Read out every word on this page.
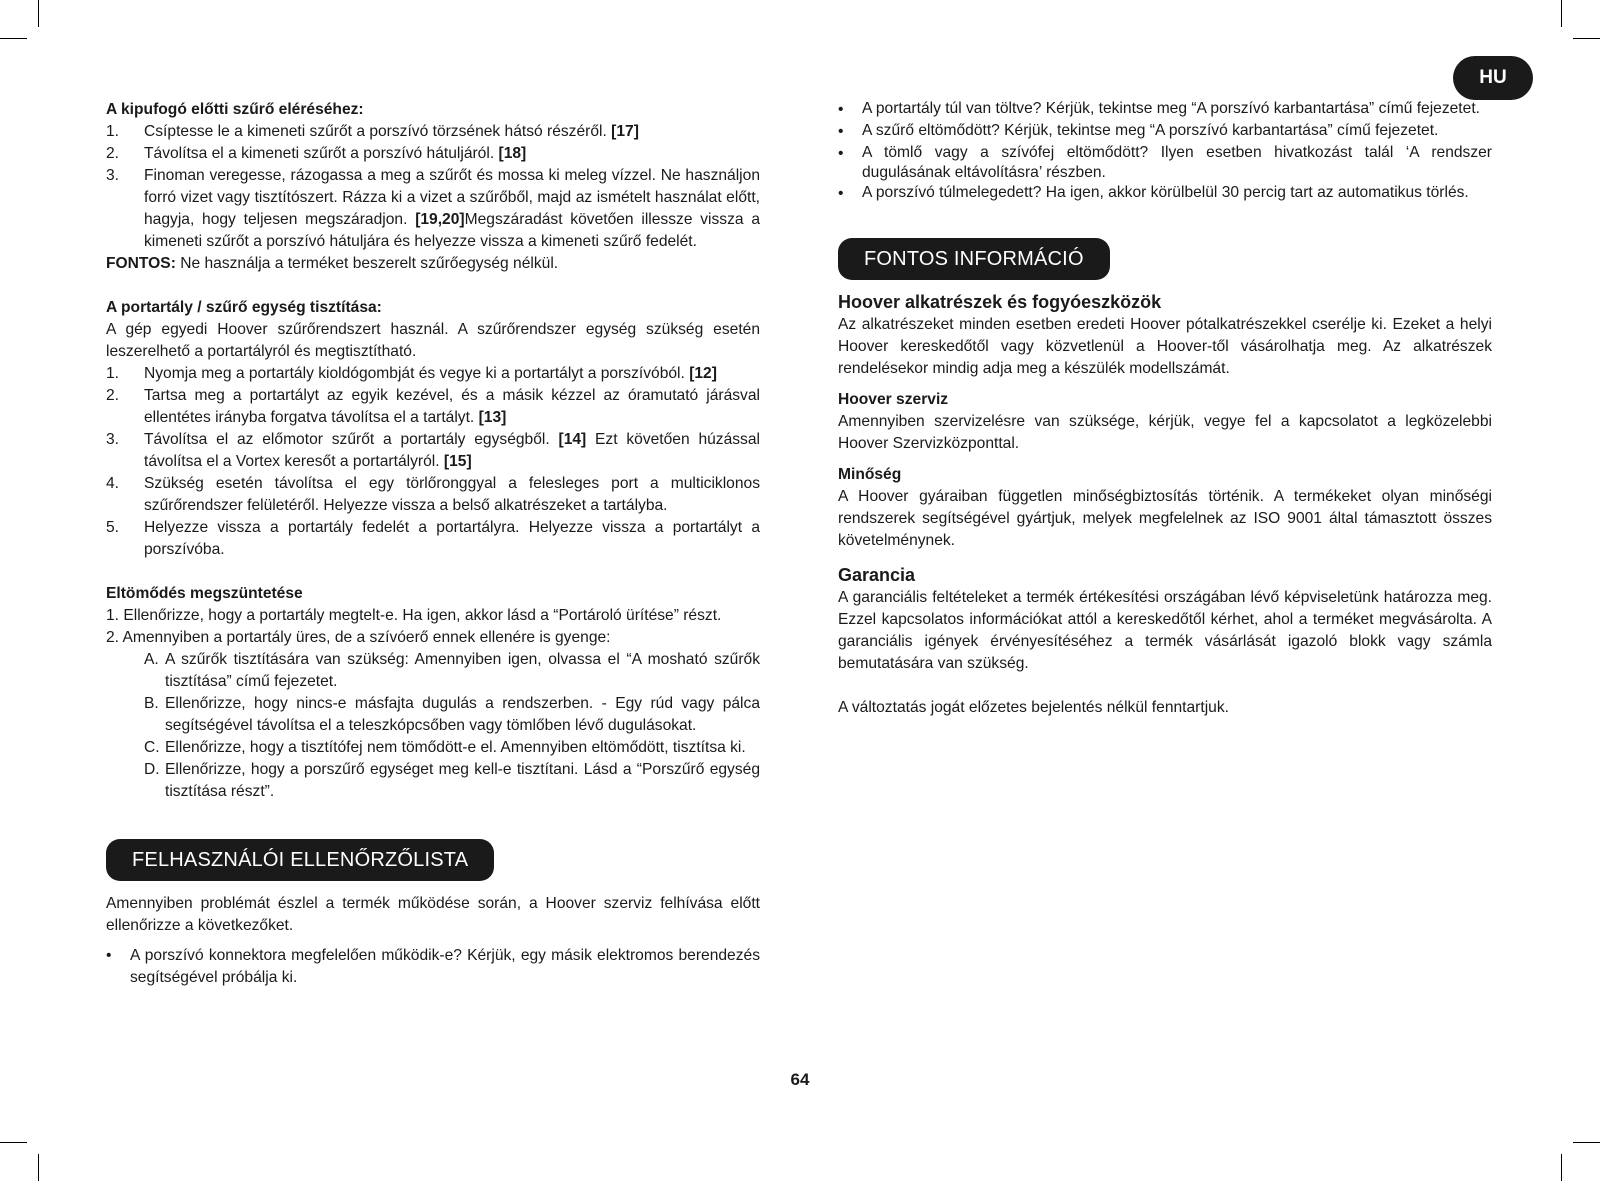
HU

A kipufogó előtti szűrő eléréséhez:

1.	Csíptesse le a kimeneti szűrőt a porszívó törzsének hátsó részéről. [17]
2.	Távolítsa el a kimeneti szűrőt a porszívó hátuljáról. [18]
3.	Finoman veregesse, rázogassa a meg a szűrőt és mossa ki meleg vízzel. Ne használjon forró vizet vagy tisztítószert. Rázza ki a vizet a szűrőből, majd az ismételt használat előtt, hagyja, hogy teljesen megszáradjon. [19,20]Megszáradást követően illessze vissza a kimeneti szűrőt a porszívó hátuljára és helyezze vissza a kimeneti szűrő fedelét.

FONTOS: Ne használja a terméket beszerelt szűrőegység nélkül.

A portartály / szűrő egység tisztítása:

A gép egyedi Hoover szűrőrendszert használ. A szűrőrendszer egység szükség esetén leszerelhető a portartályról és megtisztítható.

1.	Nyomja meg a portartály kioldógombját és vegye ki a portartályt a porszívóból. [12]
2.	Tartsa meg a portartályt az egyik kezével, és a másik kézzel az óramutató járásval ellentétes irányba forgatva távolítsa el a tartályt. [13]
3.	Távolítsa el az előmotor szűrőt a portartály egységből. [14] Ezt követően húzással távolítsa el a Vortex keresőt a portartályról. [15]
4.	Szükség esetén távolítsa el egy törlőronggyal a felesleges port a multiciklonos szűrőrendszer felületéről. Helyezze vissza a belső alkatrészeket a tartályba.
5.	Helyezze vissza a portartály fedelét a portartályra. Helyezze vissza a portartályt a porszívóba.

Eltömődés megszüntetése

1. Ellenőrizze, hogy a portartály megtelt-e. Ha igen, akkor lásd a “Portároló ürítése” részt.

2. Amennyiben a portartály üres, de a szívóerő ennek ellenére is gyenge:

A. A szűrők tisztítására van szükség: Amennyiben igen, olvassa el “A mosható szűrők tisztítása” című fejezetet.
B. Ellenőrizze, hogy nincs-e másfajta dugulás a rendszerben. - Egy rúd vagy pálca segítségével távolítsa el a teleszkópcsőben vagy tömlőben lévő dugulásokat.
C. Ellenőrizze, hogy a tisztítófej nem tömődött-e el. Amennyiben eltömődött, tisztítsa ki.
D. Ellenőrizze, hogy a porszűrő egységet meg kell-e tisztítani. Lásd a “Porszűrő egység tisztítása részt”.
FELHASZNÁLÓI ELLENŐRZŐLISTA

Amennyiben problémát észlel a termék működése során, a Hoover szerviz felhívása előtt ellenőrizze a következőket.

•	A porszívó konnektora megfelelően működik-e? Kérjük, egy másik elektromos berendezés segítségével próbálja ki.
•	A portartály túl van töltve? Kérjük, tekintse meg “A porszívó karbantartása” című fejezetet.
•	A szűrő eltömődött? Kérjük, tekintse meg “A porszívó karbantartása” című fejezetet.
•	A tömlő vagy a szívófej eltömődött? Ilyen esetben hivatkozást talál ‘A rendszer dugulásának eltávolításra’ részben.
•	A porszívó túlmelegedett? Ha igen, akkor körülbelül 30 percig tart az automatikus törlés.
FONTOS INFORMÁCIÓ

Hoover alkatrészek és fogyóeszközök

Az alkatrészeket minden esetben eredeti Hoover pótalkatrészekkel cserélje ki. Ezeket a helyi Hoover kereskedőtől vagy közvetlenül a Hoover-től vásárolhatja meg. Az alkatrészek rendelésekor mindig adja meg a készülék modellszámát.

Hoover szerviz

Amennyiben szervizelésre van szüksége, kérjük, vegye fel a kapcsolatot a legközelebbi Hoover Szervizközponttal.

Minőség

A Hoover gyáraiban független minőségbiztosítás történik. A termékeket olyan minőségi rendszerek segítségével gyártjuk, melyek megfelelnek az ISO 9001 által támasztott összes követelménynek.

Garancia

A garanciális feltételeket a termék értékesítési országában lévő képviseletünk határozza meg. Ezzel kapcsolatos információkat attól a kereskedőtől kérhet, ahol a terméket megvásárolta. A garanciális igények érvényesítéséhez a termék vásárlását igazoló blokk vagy számla bemutatására van szükség.

A változtatás jogát előzetes bejelentés nélkül fenntartjuk.

64
